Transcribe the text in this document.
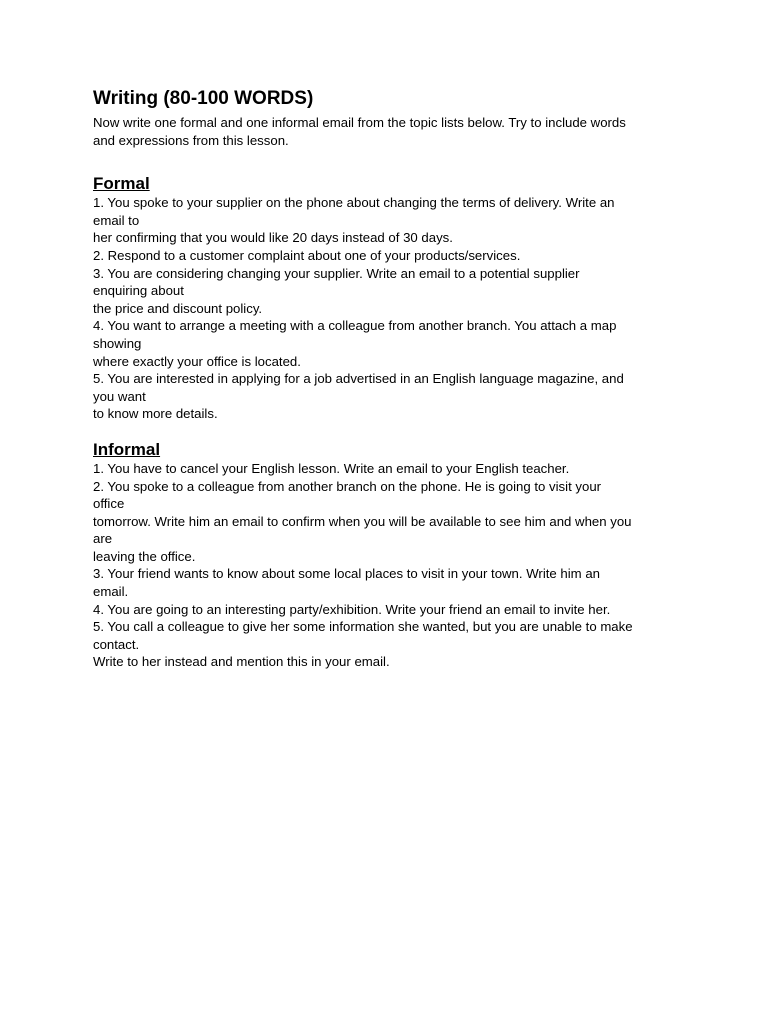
Writing (80-100 WORDS)
Now write one formal and one informal email from the topic lists below. Try to include words
and expressions from this lesson.
Formal
1. You spoke to your supplier on the phone about changing the terms of delivery. Write an
email to
her confirming that you would like 20 days instead of 30 days.
2. Respond to a customer complaint about one of your products/services.
3. You are considering changing your supplier. Write an email to a potential supplier
enquiring about
the price and discount policy.
4. You want to arrange a meeting with a colleague from another branch. You attach a map
showing
where exactly your office is located.
5. You are interested in applying for a job advertised in an English language magazine, and
you want
to know more details.
Informal
1. You have to cancel your English lesson. Write an email to your English teacher.
2. You spoke to a colleague from another branch on the phone. He is going to visit your
office
tomorrow. Write him an email to confirm when you will be available to see him and when you
are
leaving the office.
3. Your friend wants to know about some local places to visit in your town. Write him an
email.
4. You are going to an interesting party/exhibition. Write your friend an email to invite her.
5. You call a colleague to give her some information she wanted, but you are unable to make
contact.
Write to her instead and mention this in your email.
